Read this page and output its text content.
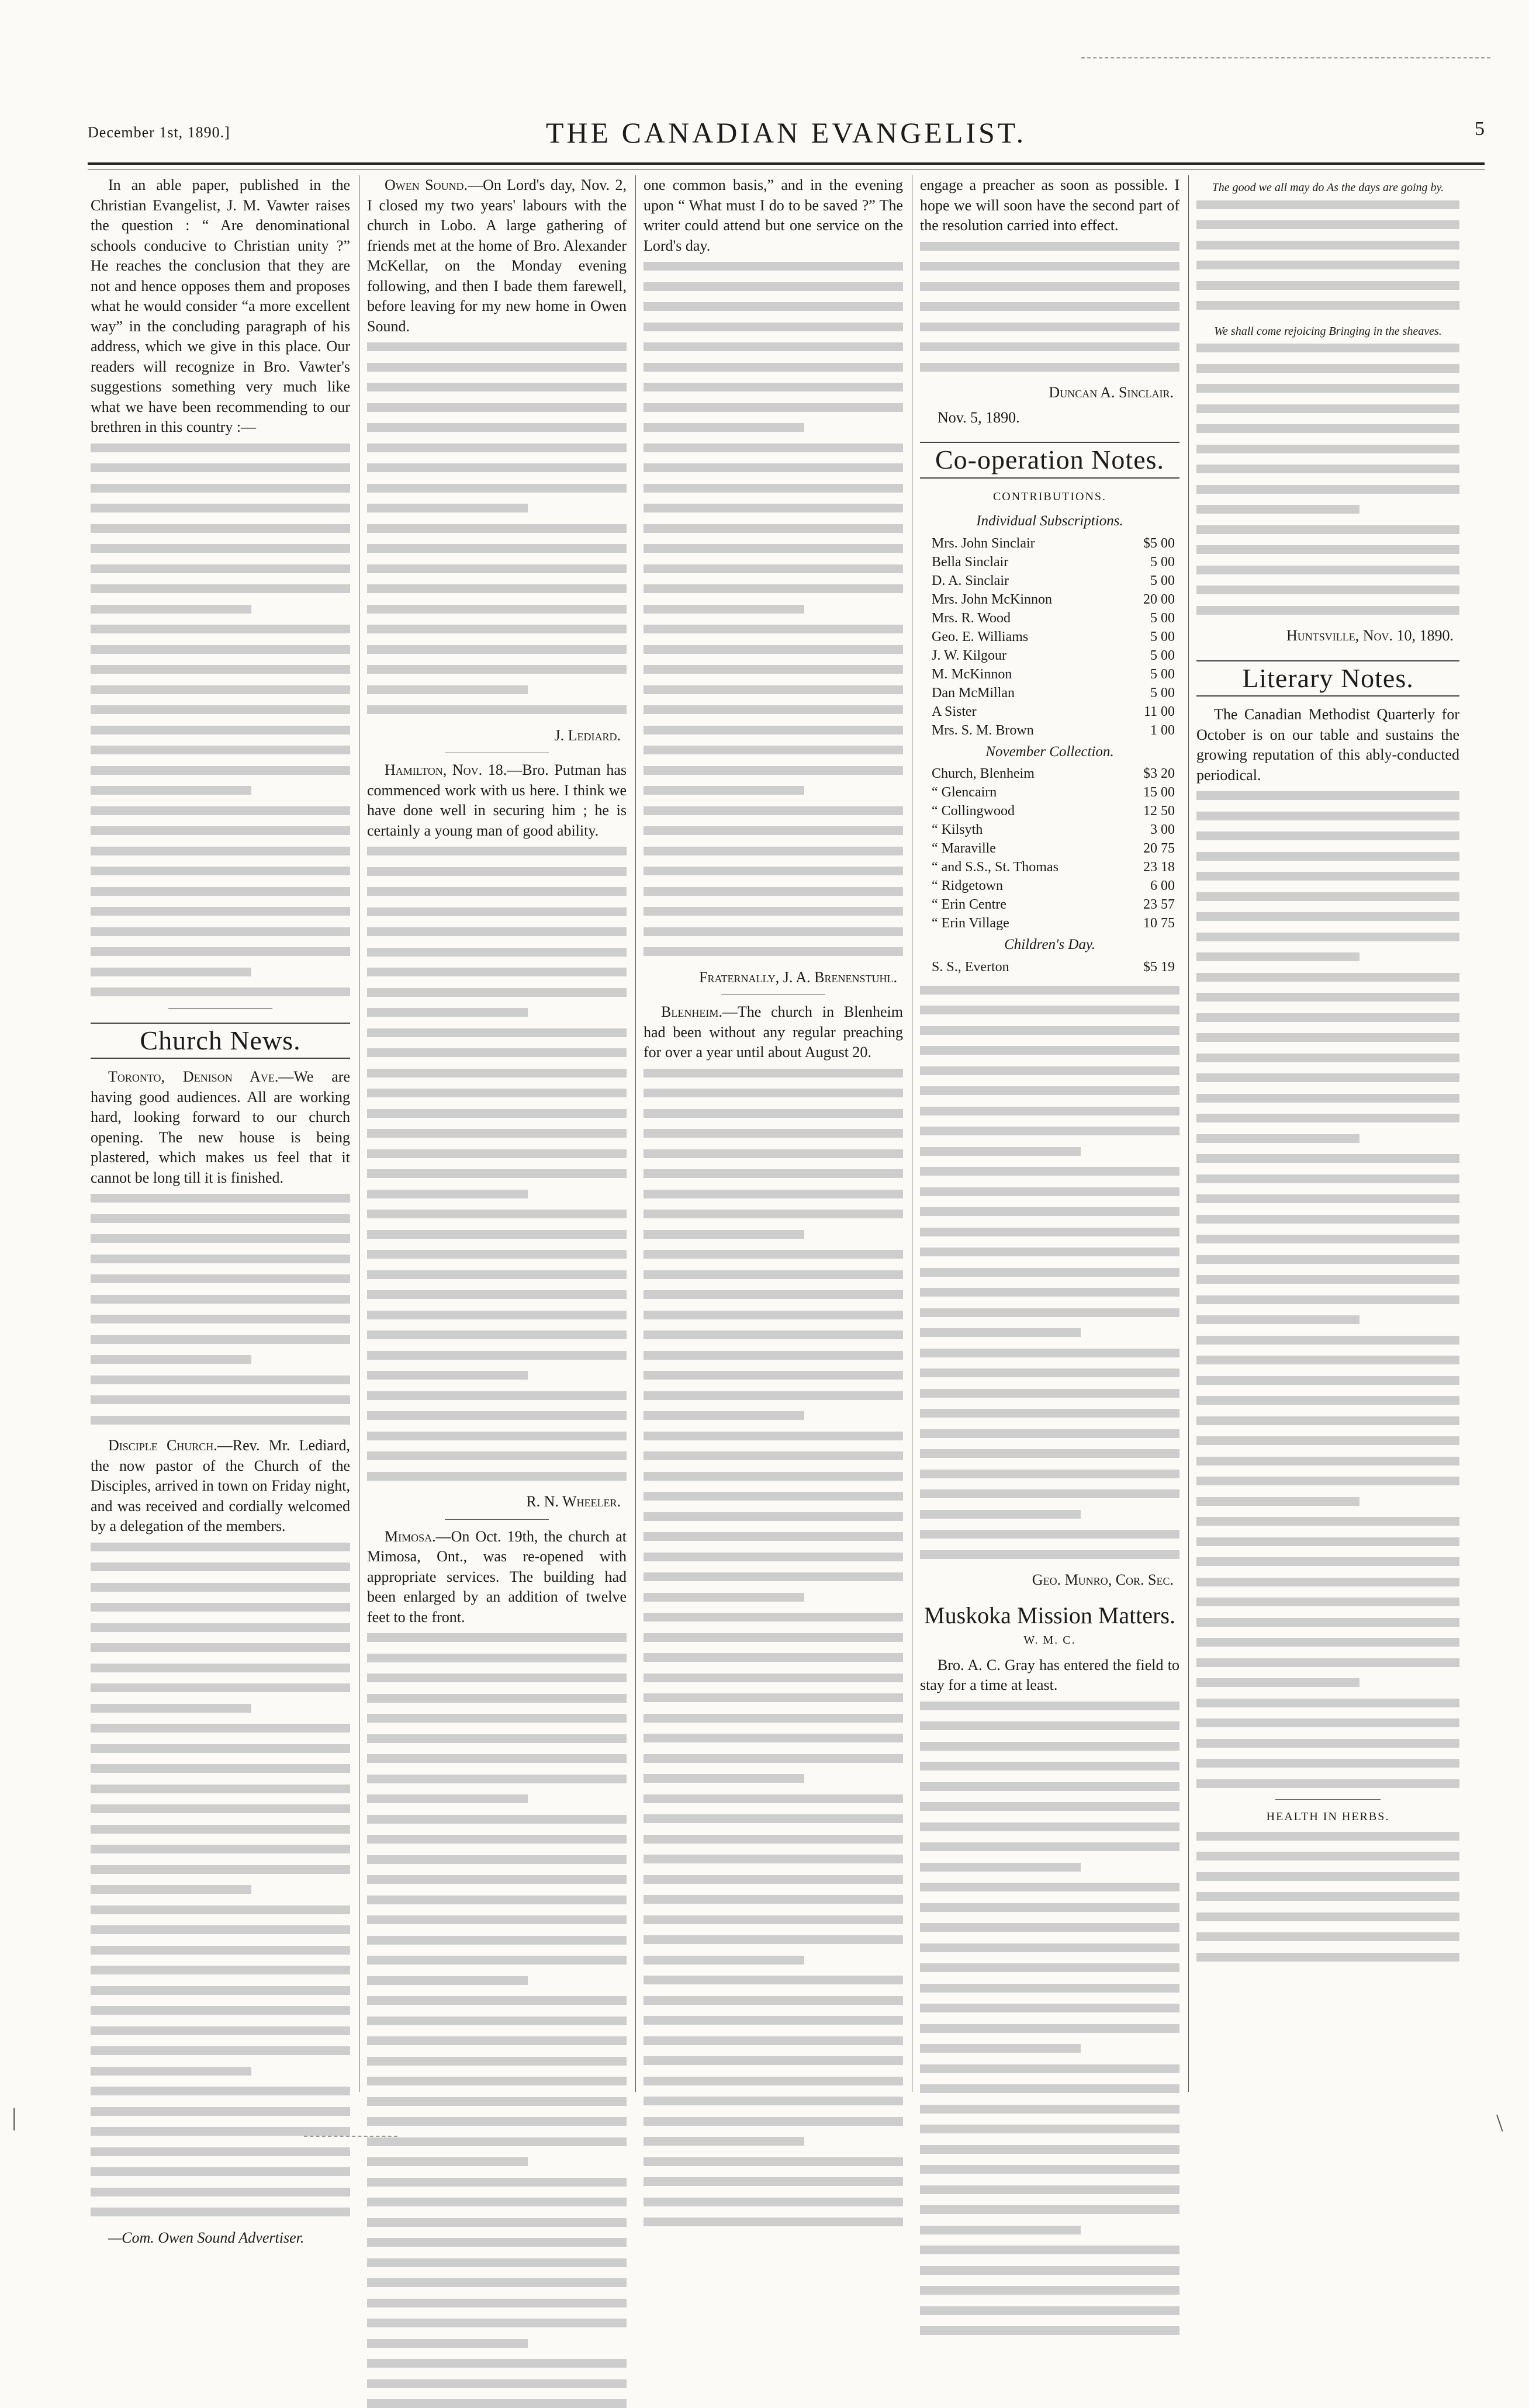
December 1st, 1890.]	THE CANADIAN EVANGELIST.	5

In an able paper, published in the Christian Evangelist, J. M. Vawter raises the question : “ Are denominational schools conducive to Christian unity ?” He reaches the conclusion that they are not and hence opposes them and proposes what he would consider “a more excellent way” in the concluding paragraph of his address, which we give in this place. Our readers will recognize in Bro. Vawter's suggestions something very much like what we have been recommending to our brethren in this country :—

Church News.

Toronto, Denison Ave.—We are having good audiences. All are working hard, looking forward to our church opening. The new house is being plastered, which makes us feel that it cannot be long till it is finished.

Disciple Church.—Rev. Mr. Lediard, the now pastor of the Church of the Disciples, arrived in town on Friday night, and was received and cordially welcomed by a delegation of the members.

—Com. Owen Sound Advertiser.

Owen Sound.—On Lord's day, Nov. 2, I closed my two years' labours with the church in Lobo. A large gathering of friends met at the home of Bro. Alexander McKellar, on the Monday evening following, and then I bade them farewell, before leaving for my new home in Owen Sound.

J. Lediard.

Hamilton, Nov. 18.—Bro. Putman has commenced work with us here. I think we have done well in securing him ; he is certainly a young man of good ability.

R. N. Wheeler.

Mimosa.—On Oct. 19th, the church at Mimosa, Ont., was re-opened with appropriate services. The building had been enlarged by an addition of twelve feet to the front.

one common basis,” and in the evening upon “ What must I do to be saved ?” The writer could attend but one service on the Lord's day.

Fraternally, J. A. Brenenstuhl.

Blenheim.—The church in Blenheim had been without any regular preaching for over a year until about August 20.

engage a preacher as soon as possible. I hope we will soon have the second part of the resolution carried into effect.

Duncan A. Sinclair.

Nov. 5, 1890.

Co-operation Notes.
CONTRIBUTIONS.
Individual Subscriptions.
Mrs. John Sinclair	$5 00
Bella Sinclair	5 00
D. A. Sinclair	5 00
Mrs. John McKinnon	20 00
Mrs. R. Wood	5 00
Geo. E. Williams	5 00
J. W. Kilgour	5 00
M. McKinnon	5 00
Dan McMillan	5 00
A Sister	11 00
Mrs. S. M. Brown	1 00
November Collection.
Church, Blenheim	$3 20
“ Glencairn	15 00
“ Collingwood	12 50
“ Kilsyth	3 00
“ Maraville	20 75
“ and S.S., St. Thomas	23 18
“ Ridgetown	6 00
“ Erin Centre	23 57
“ Erin Village	10 75
Children's Day.
S. S., Everton	$5 19
Geo. Munro, Cor. Sec.
Muskoka Mission Matters.
W. M. C.

Bro. A. C. Gray has entered the field to stay for a time at least.

The good we all may do As the days are going by.
We shall come rejoicing Bringing in the sheaves.
Huntsville, Nov. 10, 1890.
Literary Notes.

The Canadian Methodist Quarterly for October is on our table and sustains the growing reputation of this ably-conducted periodical.

HEALTH IN HERBS.
|	\
